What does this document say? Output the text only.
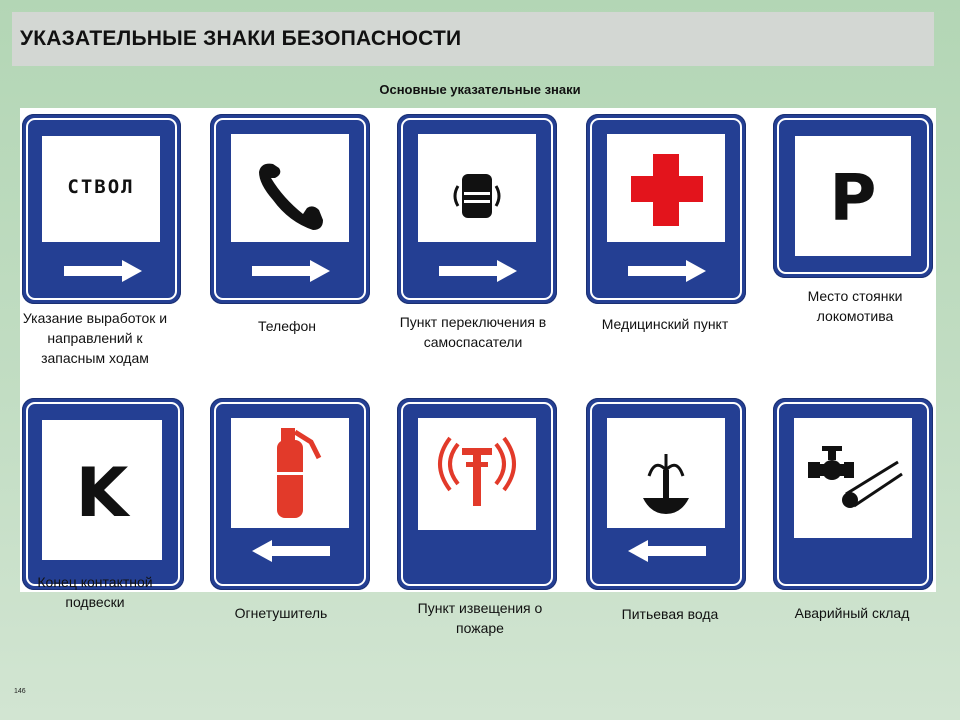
УКАЗАТЕЛЬНЫЕ ЗНАКИ БЕЗОПАСНОСТИ
Основные указательные знаки
СТВОЛ	P
K
Указание выработок и направлений к запасным ходам
Телефон	Пункт переключения в самоспасатели
Медицинский пункт
Место стоянки локомотива
Конец контактной подвески
Огнетушитель	Пункт извещения о пожаре
Питьевая вода	Аварийный склад
146
